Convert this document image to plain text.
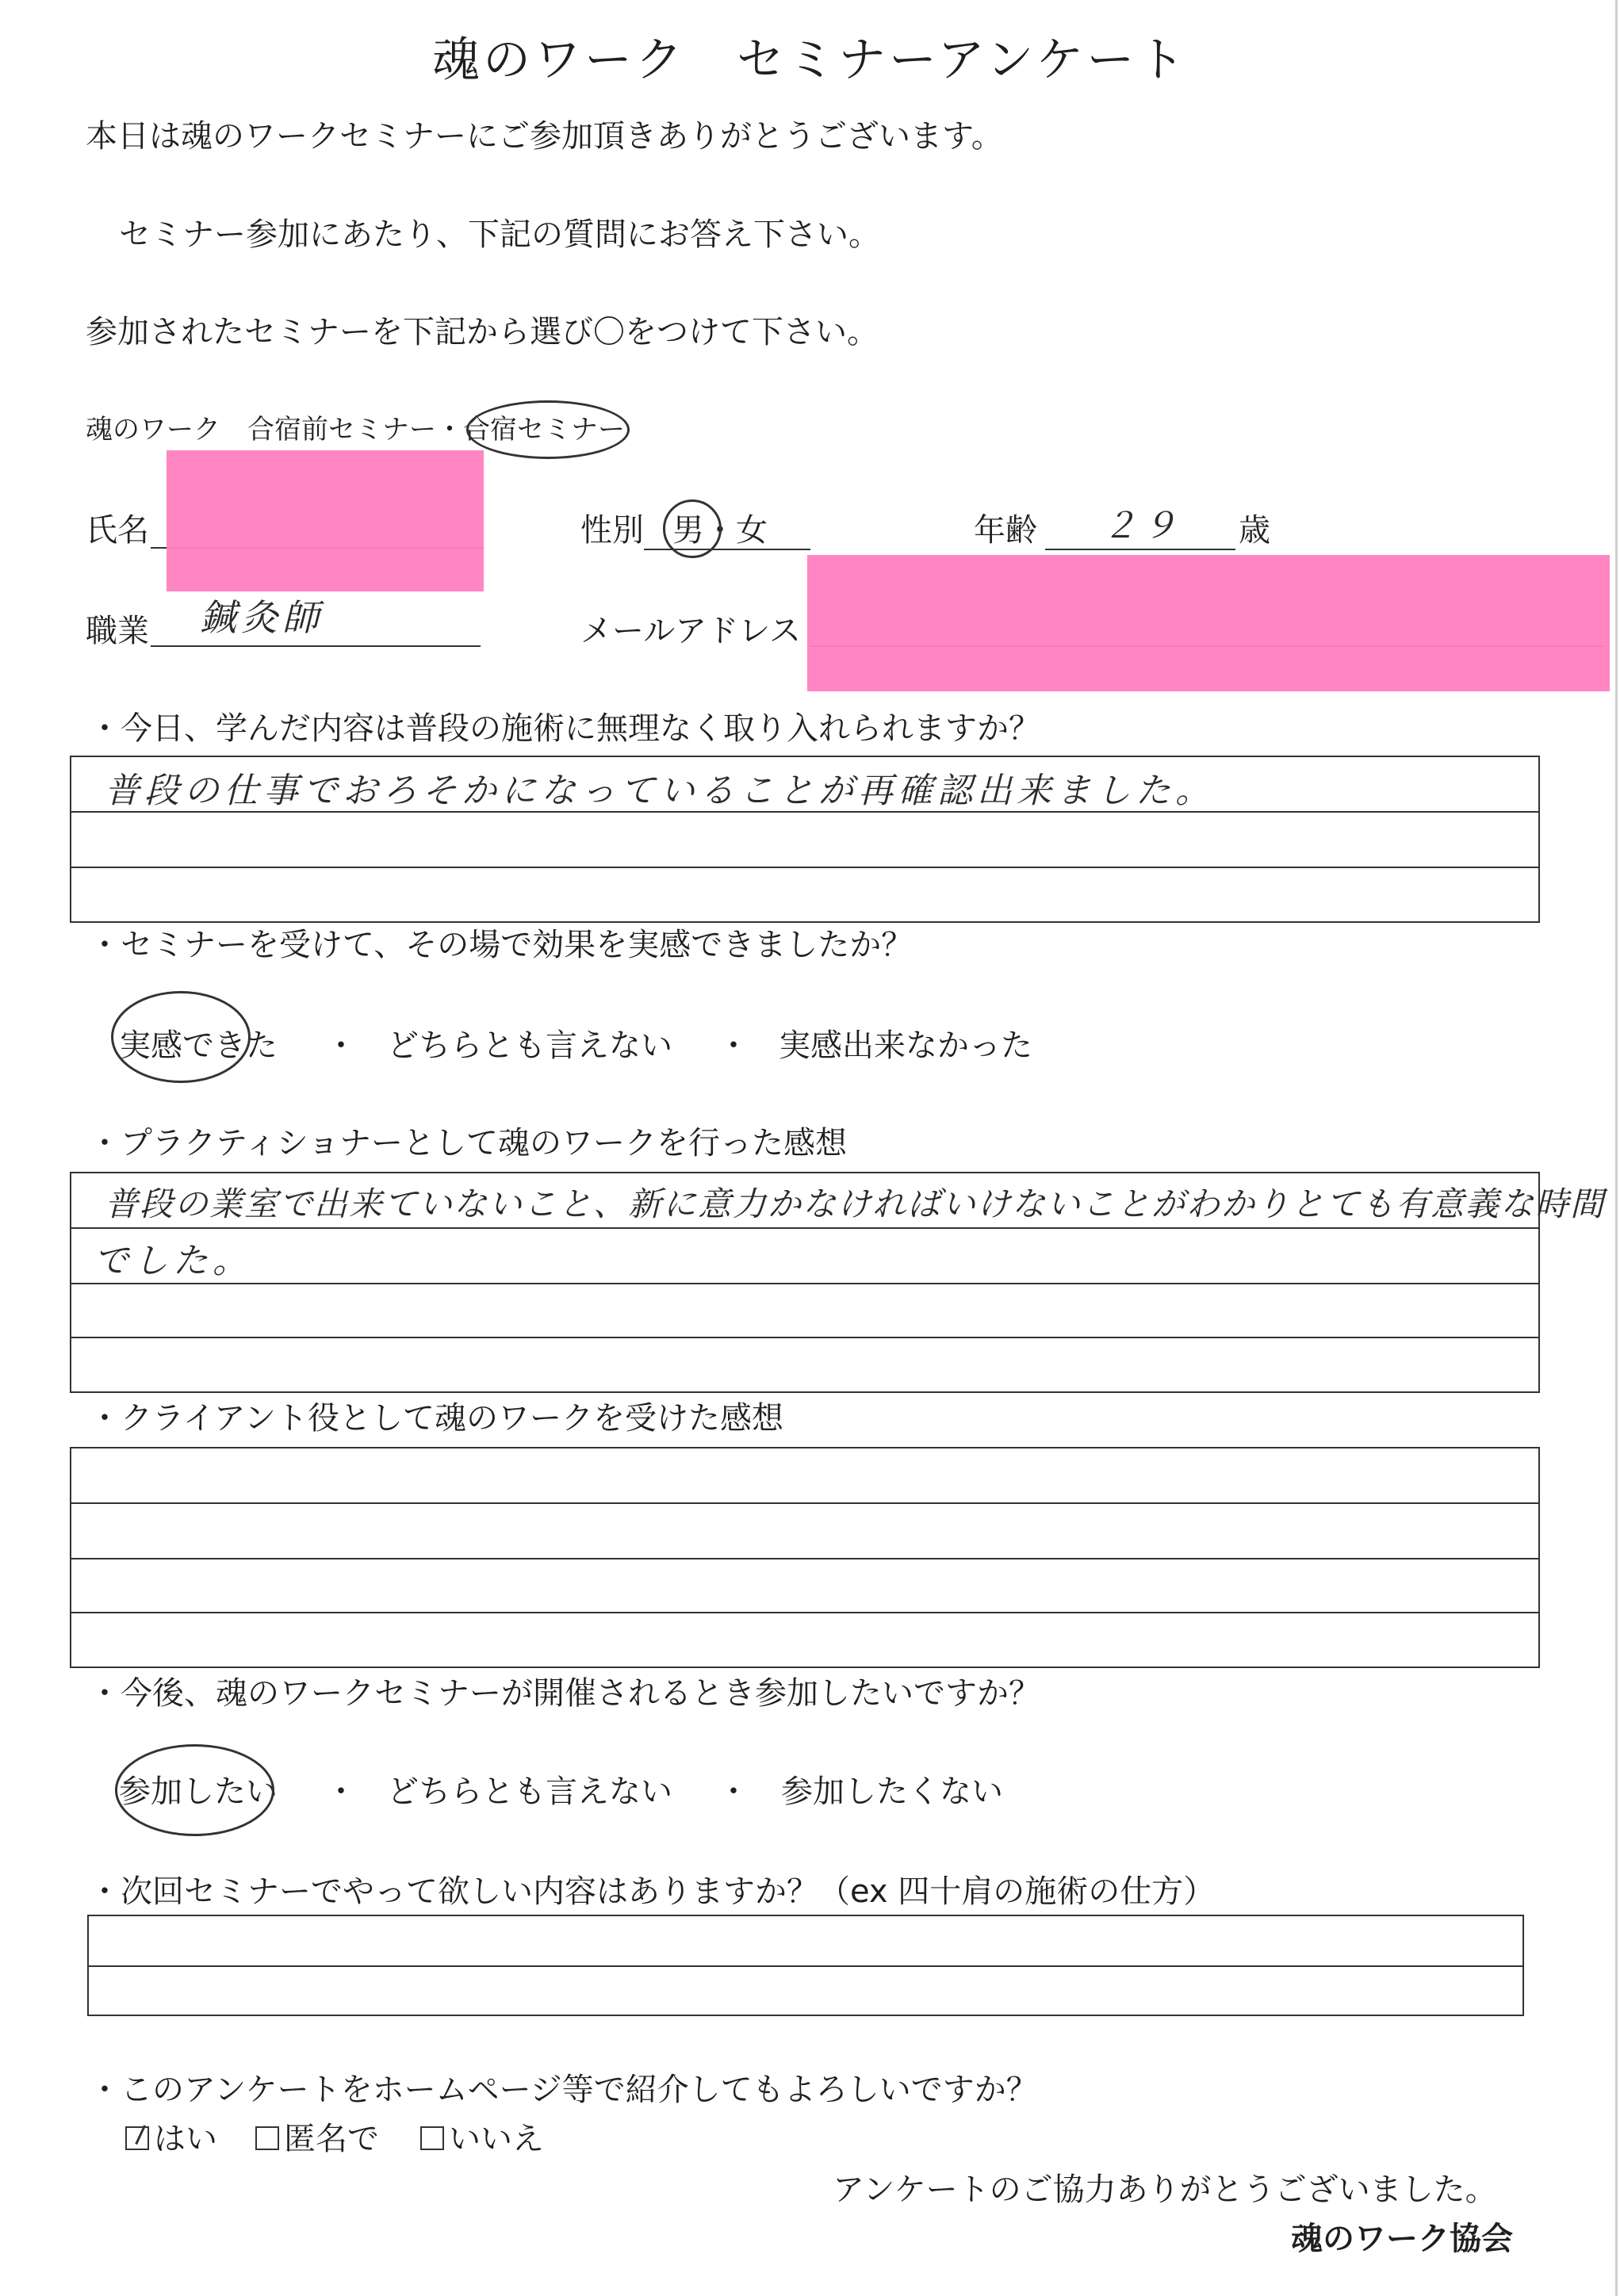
魂のワーク　セミナーアンケート
本日は魂のワークセミナーにご参加頂きありがとうございます。
セミナー参加にあたり、下記の質問にお答え下さい。
参加されたセミナーを下記から選び〇をつけて下さい。
魂のワーク　合宿前セミナー・合宿セミナー
氏名	性別 男・女	年齢 ２９ 歳
職業 鍼灸師	メールアドレス
・今日、学んだ内容は普段の施術に無理なく取り入れられますか？
普段の仕事でおろそかになっていることが再確認出来ました。
・セミナーを受けて、その場で効果を実感できましたか？
実感できた ・ どちらとも言えない ・ 実感出来なかった
・プラクティショナーとして魂のワークを行った感想
普段の業室で出来ていないこと、新に意力かなければいけないことがわかりとても有意義な時間
でした。
・クライアント役として魂のワークを受けた感想
・今後、魂のワークセミナーが開催されるとき参加したいですか？
参加したい ・ どちらとも言えない ・ 参加したくない
・次回セミナーでやって欲しい内容はありますか？（ex 四十肩の施術の仕方）
・このアンケートをホームページ等で紹介してもよろしいですか？
はい	匿名で	いいえ
アンケートのご協力ありがとうございました。
魂のワーク協会
